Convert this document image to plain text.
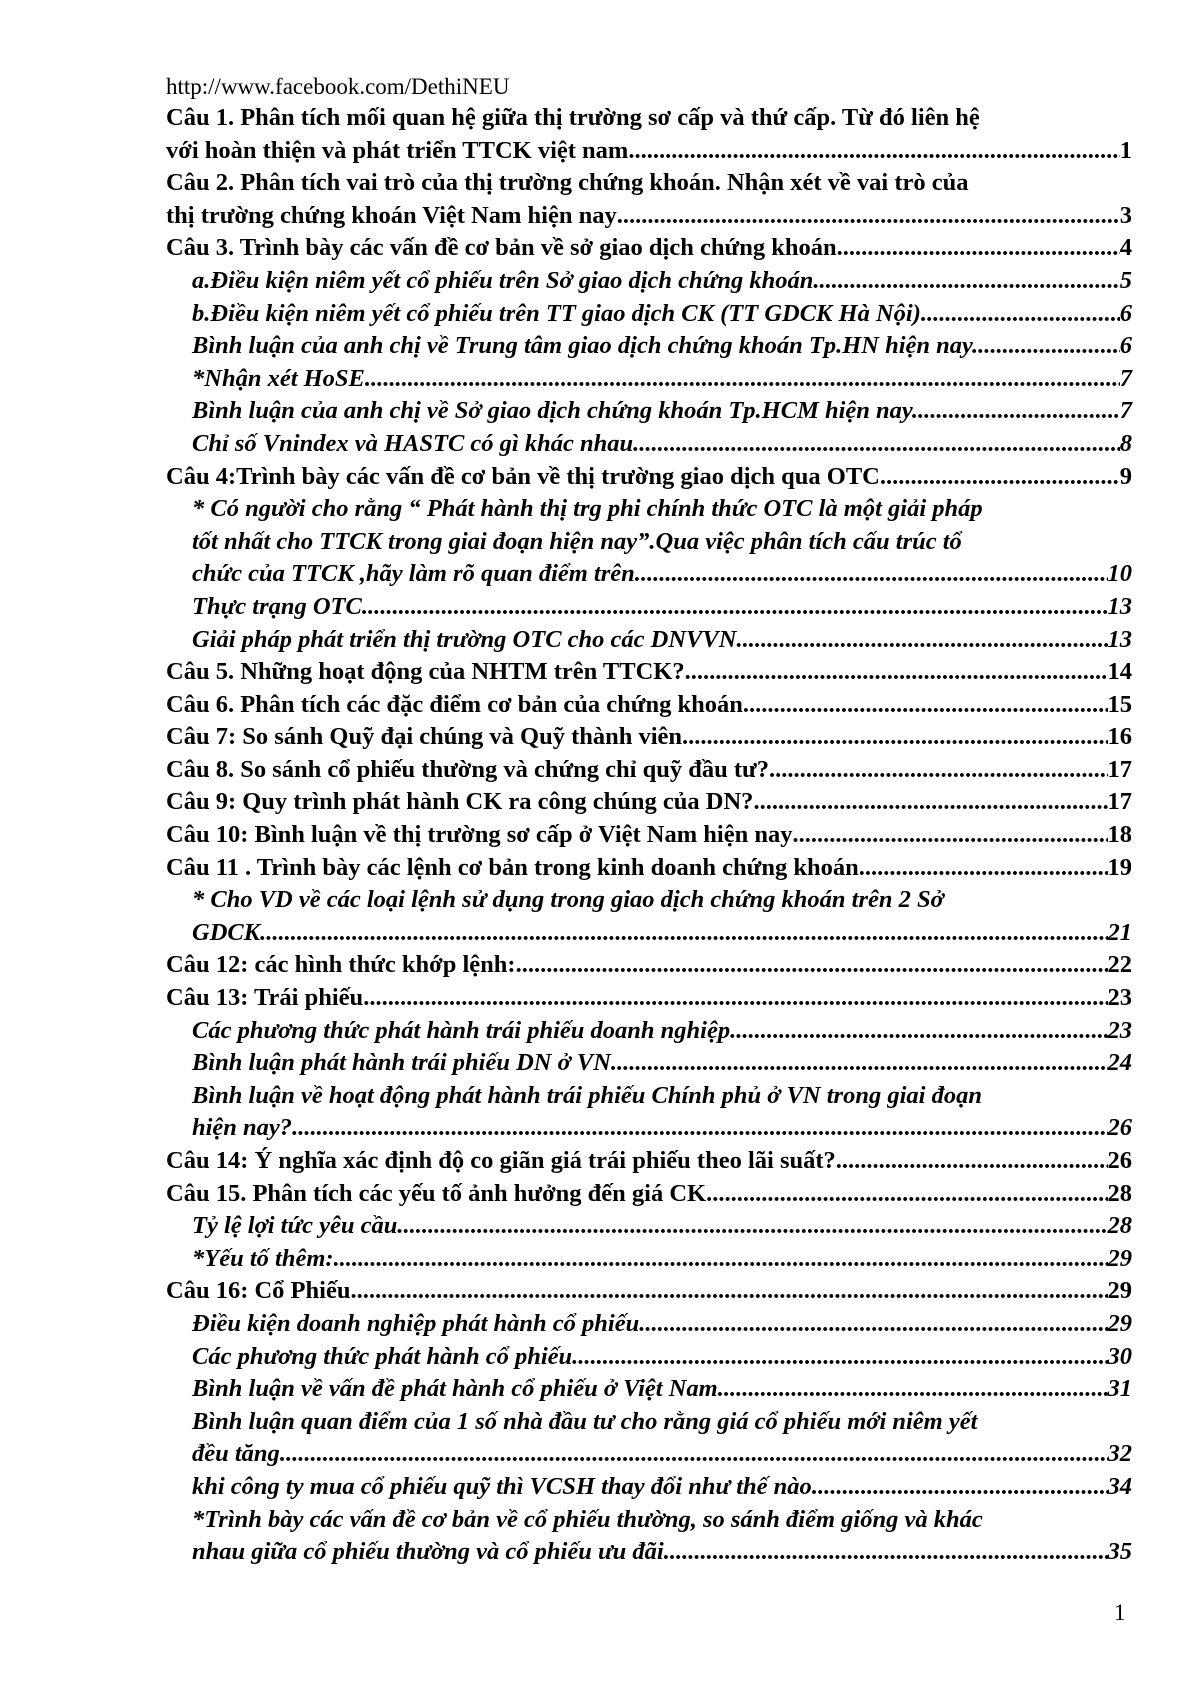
http://www.facebook.com/DethiNEU
Câu 1. Phân tích mối quan hệ giữa thị trường sơ cấp và thứ cấp. Từ đó liên hệ
với hoàn thiện và phát triển TTCK việt nam .....	1
Câu 2. Phân tích vai trò của thị trường chứng khoán. Nhận xét về vai trò của
thị trường chứng khoán Việt Nam hiện nay .....	3
Câu 3. Trình bày các vấn đề cơ bản về sở giao dịch chứng khoán. .....	4
a.Điều kiện niêm yết cổ phiếu trên Sở giao dịch chứng khoán .....	5
b.Điều kiện niêm yết cổ phiếu trên TT giao dịch CK (TT GDCK Hà Nội) .....	6
Bình luận của anh chị về Trung tâm giao dịch chứng khoán Tp.HN hiện nay. .....	6
*Nhận xét HoSE .....	7
Bình luận của anh chị về Sở giao dịch chứng khoán Tp.HCM hiện nay. .....	7
Chỉ số Vnindex và HASTC có gì khác nhau .....	8
Câu 4:Trình bày các vấn đề cơ bản về thị trường giao dịch qua OTC .....	9
* Có người cho rằng “ Phát hành thị trg phi chính thức OTC là một giải pháp
tốt nhất cho TTCK trong giai đoạn hiện nay”.Qua việc phân tích cấu trúc tổ
chức của TTCK ,hãy làm rõ quan điểm trên .....	10
Thực trạng OTC .....	13
Giải pháp phát triển thị trường OTC cho các DNVVN .....	13
Câu 5. Những hoạt động của NHTM trên TTCK? .....	14
Câu 6. Phân tích các đặc điểm cơ bản của chứng khoán .....	15
Câu 7: So sánh Quỹ đại chúng và Quỹ thành viên .....	16
Câu 8. So sánh cổ phiếu thường và chứng chỉ quỹ đầu tư? .....	17
Câu 9: Quy trình phát hành CK ra công chúng của DN? .....	17
Câu 10: Bình luận về thị trường sơ cấp ở Việt Nam hiện nay .....	18
Câu 11 . Trình bày các lệnh cơ bản trong kinh doanh chứng khoán .....	19
* Cho VD về các loại lệnh sử dụng trong giao dịch chứng khoán trên 2 Sở
GDCK .....	21
Câu 12: các hình thức khớp lệnh: .....	22
Câu 13: Trái phiếu .....	23
Các phương thức phát hành trái phiếu doanh nghiệp .....	23
Bình luận phát hành trái phiếu DN ở VN .....	24
Bình luận về hoạt động phát hành trái phiếu Chính phủ ở VN trong giai đoạn
hiện nay? .....	26
Câu 14: Ý nghĩa xác định độ co giãn giá trái phiếu theo lãi suất? .....	26
Câu 15. Phân tích các yếu tố ảnh hưởng đến giá CK .....	28
Tỷ lệ lợi tức yêu cầu .....	28
*Yếu tố thêm: .....	29
Câu 16: Cổ Phiếu .....	29
Điều kiện doanh nghiệp phát hành cổ phiếu .....	29
Các phương thức phát hành cổ phiếu .....	30
Bình luận về vấn đề phát hành cổ phiếu ở Việt Nam .....	31
Bình luận quan điểm của 1 số nhà đầu tư cho rằng giá cổ phiếu mới niêm yết
đều tăng .....	32
khi công ty mua cổ phiếu quỹ thì VCSH thay đổi như thế nào .....	34
*Trình bày các vấn đề cơ bản về cổ phiếu thường, so sánh điểm giống và khác
nhau giữa cổ phiếu thường và cổ phiếu ưu đãi .....	35
1
